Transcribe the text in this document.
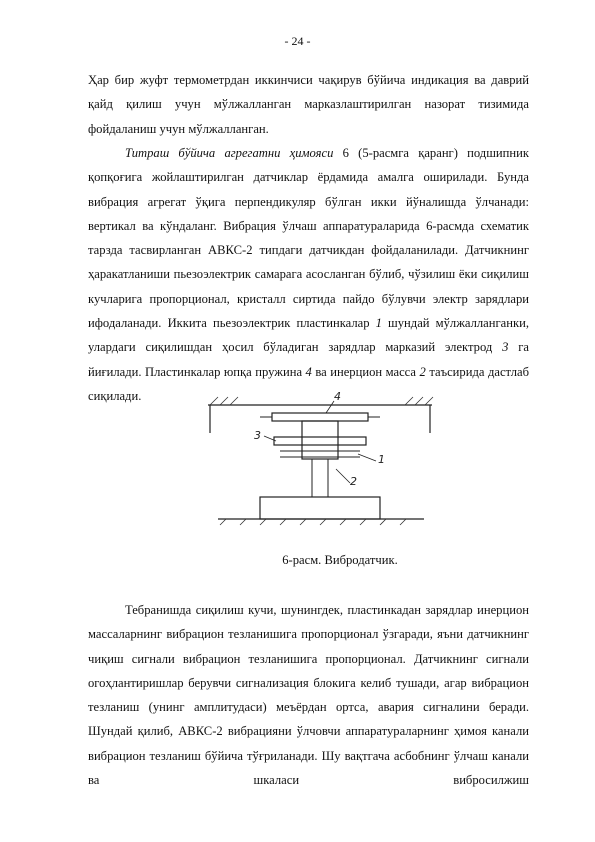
- 24 -

Ҳар бир жуфт термометрдан иккинчиси чақирув бўйича индикация ва даврий қайд қилиш учун мўлжалланган марказлаштирилган назорат тизимида фойдаланиш учун мўлжалланган.

Титраш бўйича агрегатни ҳимояси 6 (5-расмга қаранг) подшипник қопқоғига жойлаштирилган датчиклар ёрдамида амалга оширилади. Бунда вибрация агрегат ўқига перпендикуляр бўлган икки йўналишда ўлчанади: вертикал ва кўндаланг. Вибрация ўлчаш аппаратураларида 6-расмда схематик тарзда тасвирланган АВКС-2 типдаги датчикдан фойдаланилади. Датчикнинг ҳаракатланиши пьезоэлектрик самарага асосланган бўлиб, чўзилиш ёки сиқилиш кучларига пропорционал, кристалл сиртида пайдо бўлувчи электр зарядлари ифодаланади. Иккита пьезоэлектрик пластинкалар 1 шундай мўлжалланганки, улардаги сиқилишдан ҳосил бўладиган зарядлар марказий электрод 3 га йиғилади. Пластинкалар юпқа пружина 4 ва инерцион масса 2 таъсирида дастлаб сиқилади.	4
3
1
2
6-расм. Вибродатчик.

Тебранишда сиқилиш кучи, шунингдек, пластинкадан зарядлар инерцион массаларнинг вибрацион тезланишига пропорционал ўзгаради, яъни датчикнинг чиқиш сигнали вибрацион тезланишига пропорционал. Датчикнинг сигнали огоҳлантиришлар берувчи сигнализация блокига келиб тушади, агар вибрацион тезланиш (унинг амплитудаси) меъёрдан ортса, авария сигналини беради. Шундай қилиб, АВКС-2 вибрацияни ўлчовчи аппаратураларнинг ҳимоя канали вибрацион тезланиш бўйича тўғриланади. Шу вақтгача асбобнинг ўлчаш канали ва шкаласи вибросилжиш
